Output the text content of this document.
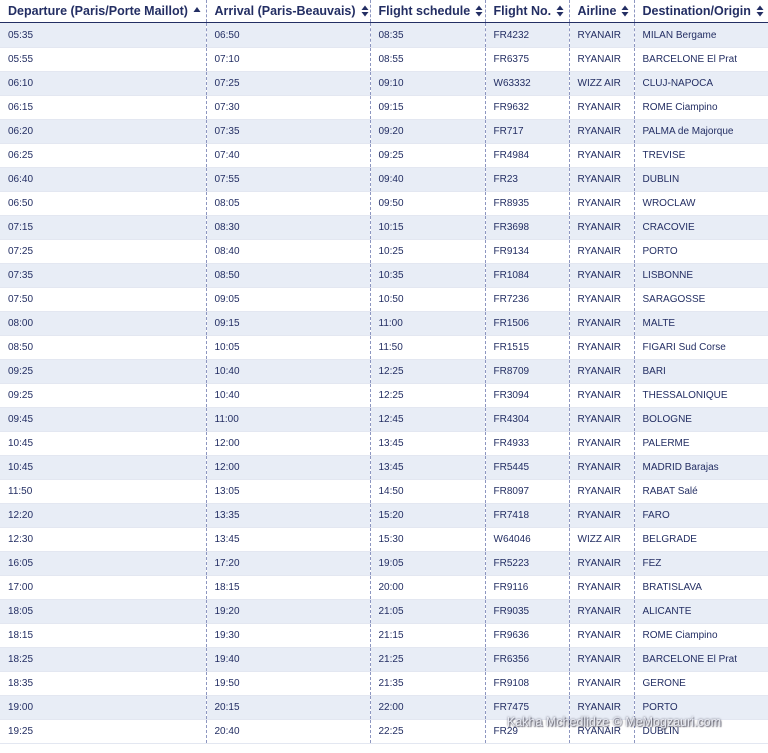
Departure (Paris/Porte Maillot)	Arrival (Paris-Beauvais)	Flight schedule	Flight No.	Airline	Destination/Origin

05:35	06:50	08:35	FR4232	RYANAIR	MILAN Bergame
05:55	07:10	08:55	FR6375	RYANAIR	BARCELONE El Prat
06:10	07:25	09:10	W63332	WIZZ AIR	CLUJ-NAPOCA
06:15	07:30	09:15	FR9632	RYANAIR	ROME Ciampino
06:20	07:35	09:20	FR717	RYANAIR	PALMA de Majorque
06:25	07:40	09:25	FR4984	RYANAIR	TREVISE
06:40	07:55	09:40	FR23	RYANAIR	DUBLIN
06:50	08:05	09:50	FR8935	RYANAIR	WROCLAW
07:15	08:30	10:15	FR3698	RYANAIR	CRACOVIE
07:25	08:40	10:25	FR9134	RYANAIR	PORTO
07:35	08:50	10:35	FR1084	RYANAIR	LISBONNE
07:50	09:05	10:50	FR7236	RYANAIR	SARAGOSSE
08:00	09:15	11:00	FR1506	RYANAIR	MALTE
08:50	10:05	11:50	FR1515	RYANAIR	FIGARI Sud Corse
09:25	10:40	12:25	FR8709	RYANAIR	BARI
09:25	10:40	12:25	FR3094	RYANAIR	THESSALONIQUE
09:45	11:00	12:45	FR4304	RYANAIR	BOLOGNE
10:45	12:00	13:45	FR4933	RYANAIR	PALERME
10:45	12:00	13:45	FR5445	RYANAIR	MADRID Barajas
11:50	13:05	14:50	FR8097	RYANAIR	RABAT Salé
12:20	13:35	15:20	FR7418	RYANAIR	FARO
12:30	13:45	15:30	W64046	WIZZ AIR	BELGRADE
16:05	17:20	19:05	FR5223	RYANAIR	FEZ
17:00	18:15	20:00	FR9116	RYANAIR	BRATISLAVA
18:05	19:20	21:05	FR9035	RYANAIR	ALICANTE
18:15	19:30	21:15	FR9636	RYANAIR	ROME Ciampino
18:25	19:40	21:25	FR6356	RYANAIR	BARCELONE El Prat
18:35	19:50	21:35	FR9108	RYANAIR	GERONE
19:00	20:15	22:00	FR7475	RYANAIR	PORTO
19:25	20:40	22:25	FR29	RYANAIR	DUBLIN
Kakha Mchedlidze © MeMogzauri.com
